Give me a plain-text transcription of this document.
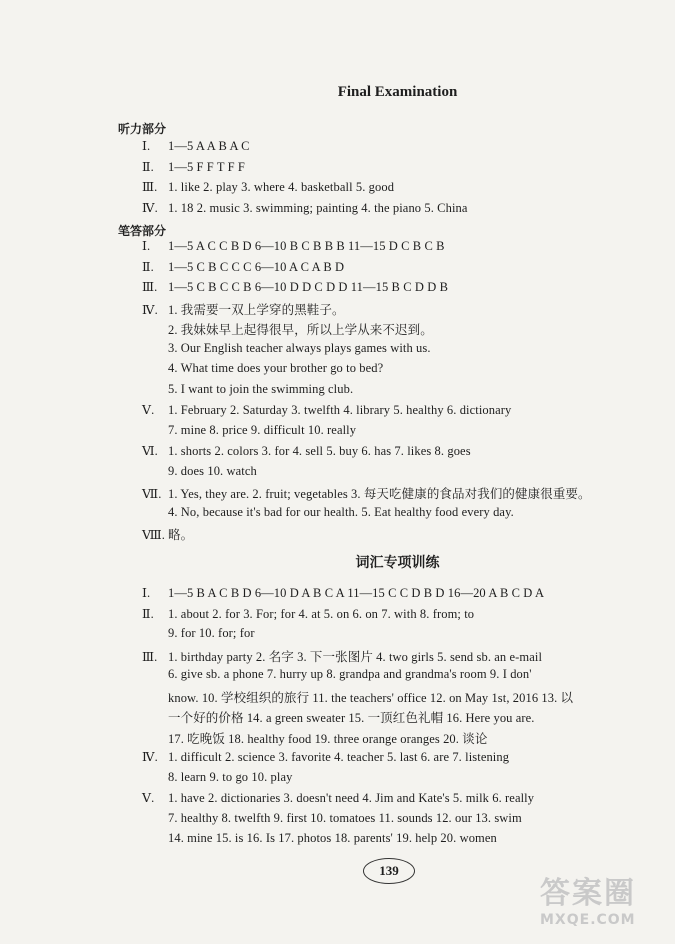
Final Examination
听力部分
Ⅰ. 1—5 A A B A C
Ⅱ. 1—5 F F T F F
Ⅲ. 1. like 2. play 3. where 4. basketball 5. good
Ⅳ. 1. 18 2. music 3. swimming; painting 4. the piano 5. China
笔答部分
Ⅰ. 1—5 A C C B D 6—10 B C B B B 11—15 D C B C B
Ⅱ. 1—5 C B C C C 6—10 A C A B D
Ⅲ. 1—5 C B C C B 6—10 D D C D D 11—15 B C D D B
Ⅳ. 1. 我需要一双上学穿的黑鞋子。
2. 我妹妹早上起得很早，所以上学从来不迟到。
3. Our English teacher always plays games with us.
4. What time does your brother go to bed?
5. I want to join the swimming club.
Ⅴ. 1. February 2. Saturday 3. twelfth 4. library 5. healthy 6. dictionary
7. mine 8. price 9. difficult 10. really
Ⅵ. 1. shorts 2. colors 3. for 4. sell 5. buy 6. has 7. likes 8. goes
9. does 10. watch
Ⅶ. 1. Yes, they are. 2. fruit; vegetables 3. 每天吃健康的食品对我们的健康很重要。
4. No, because it's bad for our health. 5. Eat healthy food every day.
Ⅷ. 略。
词汇专项训练
Ⅰ. 1—5 B A C B D 6—10 D A B C A 11—15 C C D B D 16—20 A B C D A
Ⅱ. 1. about 2. for 3. For; for 4. at 5. on 6. on 7. with 8. from; to
9. for 10. for; for
Ⅲ. 1. birthday party 2. 名字 3. 下一张图片 4. two girls 5. send sb. an e-mail
6. give sb. a phone 7. hurry up 8. grandpa and grandma's room 9. I don'
know. 10. 学校组织的旅行 11. the teachers' office 12. on May 1st, 2016 13. 以
一个好的价格 14. a green sweater 15. 一顶红色礼帽 16. Here you are.
17. 吃晚饭 18. healthy food 19. three orange oranges 20. 谈论
Ⅳ. 1. difficult 2. science 3. favorite 4. teacher 5. last 6. are 7. listening
8. learn 9. to go 10. play
Ⅴ. 1. have 2. dictionaries 3. doesn't need 4. Jim and Kate's 5. milk 6. really
7. healthy 8. twelfth 9. first 10. tomatoes 11. sounds 12. our 13. swim
14. mine 15. is 16. Is 17. photos 18. parents' 19. help 20. women
139
答案圈
MXQE.COM
